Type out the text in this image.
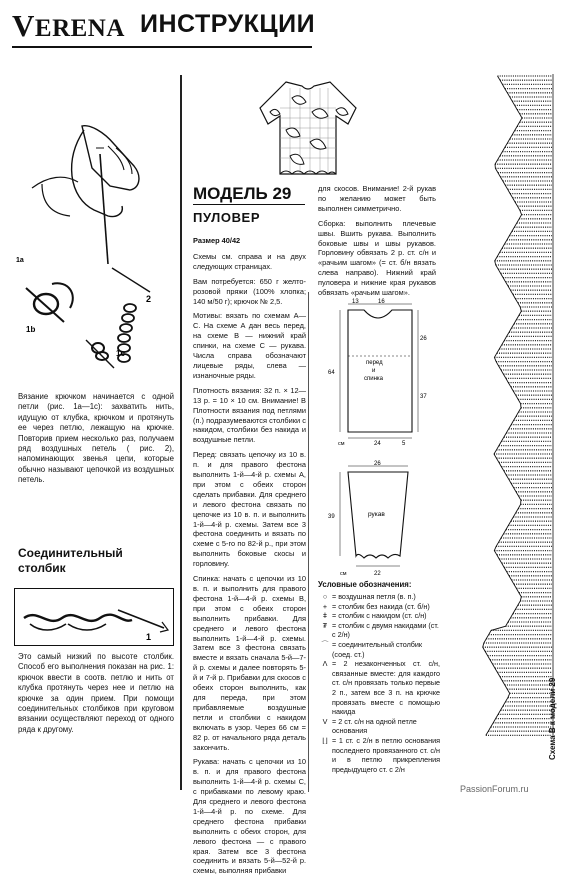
VERENA ИНСТРУКЦИИ
1a
1b
2
1c
Вязание крючком начинается с одной петли (рис. 1а—1с): захватить нить, идущую от клубка, крючком и протянуть ее через петлю, лежащую на крючке. Повторив прием несколько раз, получаем ряд воздушных петель ( рис. 2), напоминающих звенья цепи, которые обычно называют цепочкой из воздушных петель.
Соединительный столбик
1
Это самый низкий по высоте столбик. Способ его выполнения показан на рис. 1: крючок ввести в соотв. петлю и нить от клубка протянуть через нее и петлю на крючке за один прием. При помощи соединительных столбиков при круговом вязании осуществляют переход от одного ряда к другому.
МОДЕЛЬ 29
ПУЛОВЕР

Размер 40/42

Схемы см. справа и на двух следующих страницах.

Вам потребуется: 650 г желто-розовой пряжи (100% хлопка; 140 м/50 г); крючок № 2,5.

Мотивы: вязать по схемам А—С. На схеме А дан весь перед, на схеме В — нижний край спинки, на схеме С — рукава. Числа справа обозначают лицевые ряды, слева — изнаночные ряды.

Плотность вязания: 32 п. × 12—13 р. = 10 × 10 см. Внимание! В Плотности вязания под петлями (п.) подразумеваются столбики с накидом, столбики без накида и воздушные петли.

Перед: связать цепочку из 10 в. п. и для правого фестона выполнить 1-й—4-й р. схемы А, при этом с обеих сторон сделать прибавки. Для среднего и левого фестона связать по цепочке из 10 в. п. и выполнить 1-й—4-й р. схемы. Затем все 3 фестона соединить и вязать по схеме с 5-го по 82-й р., при этом выполнить боковые скосы и горловину.

Спинка: начать с цепочки из 10 в. п. и выполнить для правого фестона 1-й—4-й р. схемы В, при этом с обеих сторон выполнить прибавки. Для среднего и левого фестона выполнить 1-й—4-й р. схемы. Затем все 3 фестона связать вместе и вязать сначала 5-й—7-й р. схемы и далее повторять 5-й и 7-й р. Прибавки для скосов с обеих сторон выполнить, как для переда, при этом прибавляемые воздушные петли и столбики с накидом включать в узор. Через 66 см = 82 р. от начального ряда деталь закончить.

Рукава: начать с цепочки из 10 в. п. и для правого фестона выполнить 1-й—4-й р. схемы С, с прибавками по левому краю. Для среднего и левого фестона 1-й—4-й р. по схеме. Для среднего фестона прибавки выполнить с обеих сторон, для левого фестона — с правого края. Затем все 3 фестона соединить и вязать 5-й—52-й р. схемы, выполняя прибавки

для скосов. Внимание! 2-й рукав по желанию может быть выполнен симметрично.

Сборка: выполнить плечевые швы. Вшить рукава. Выполнить боковые швы и швы рукавов. Горловину обвязать 2 р. ст. с/н и «рачьим шагом» (= ст. б/н вязать слева направо). Нижний край пуловера и нижние края рукавов обвязать «рачьим шагом».

13	16
26
64
37
24	5
см
перед
и
спинка
26
39
22
см
рукав
Условные обозначения:
○ = воздушная петля (в. п.)
+ = столбик без накида (ст. б/н)
ǂ = столбик с накидом (ст. с/н)
₮ = столбик с двумя накидами (ст. с 2/н)
⌒ = соединительный столбик (соед. ст.)
Λ = 2 незаконченных ст. с/н, связанные вместе: для каждого ст. с/н провязать только первые 2 п., затем все 3 п. на крючке провязать вместе с помощью накида
V = 2 ст. с/н на одной петле основания
⌊⌋ = 1 ст. с 2/н в петлю основания последнего провязанного ст. с/н и в петлю прикрепления предыдущего ст. с 2/н
Схема В к модели 29
PassionForum.ru
